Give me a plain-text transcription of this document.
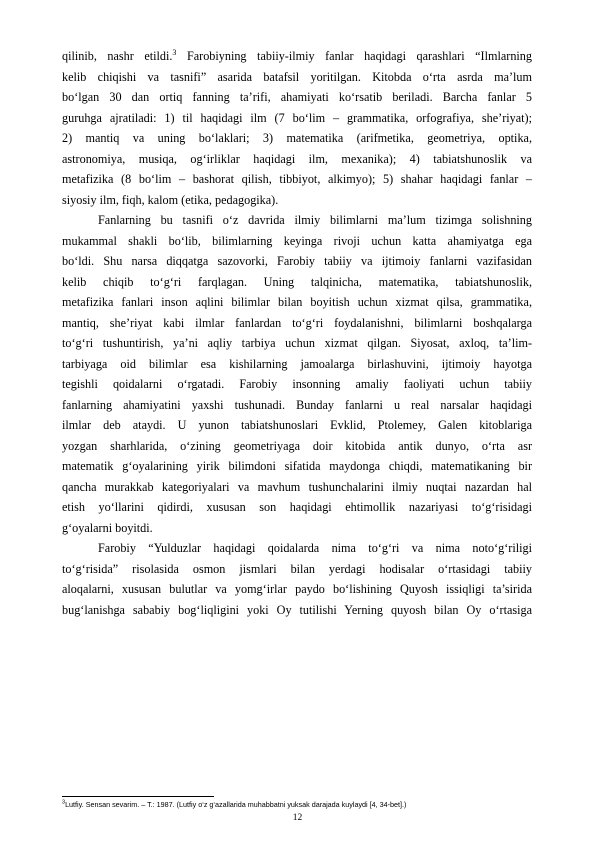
qilinib, nashr etildi.$^3$ Farobiyning tabiiy-ilmiy fanlar haqidagi qarashlari “Ilmlarning
kelib chiqishi va tasnifi” asarida batafsil yoritilgan. Kitobda o‘rta asrda ma’lum
bo‘lgan 30 dan ortiq fanning ta’rifi, ahamiyati ko‘rsatib beriladi. Barcha fanlar 5
guruhga ajratiladi: 1) til haqidagi ilm (7 bo‘lim – grammatika, orfografiya, she’riyat);
2) mantiq va uning bo‘laklari; 3) matematika (arifmetika, geometriya, optika,
astronomiya, musiqa, og‘irliklar haqidagi ilm, mexanika); 4) tabiatshunoslik va
metafizika (8 bo‘lim – bashorat qilish, tibbiyot, alkimyo); 5) shahar haqidagi fanlar –
siyosiy ilm, fiqh, kalom (etika, pedagogika).
Fanlarning bu tasnifi o‘z davrida ilmiy bilimlarni ma’lum tizimga solishning
mukammal shakli bo‘lib, bilimlarning keyinga rivoji uchun katta ahamiyatga ega
bo‘ldi. Shu narsa diqqatga sazovorki, Farobiy tabiiy va ijtimoiy fanlarni vazifasidan
kelib chiqib to‘g‘ri farqlagan. Uning talqinicha, matematika, tabiatshunoslik,
metafizika fanlari inson aqlini bilimlar bilan boyitish uchun xizmat qilsa, grammatika,
mantiq, she’riyat kabi ilmlar fanlardan to‘g‘ri foydalanishni, bilimlarni boshqalarga
to‘g‘ri tushuntirish, ya’ni aqliy tarbiya uchun xizmat qilgan. Siyosat, axloq, ta’lim-
tarbiyaga oid bilimlar esa kishilarning jamoalarga birlashuvini, ijtimoiy hayotga
tegishli qoidalarni o‘rgatadi. Farobiy insonning amaliy faoliyati uchun tabiiy
fanlarning ahamiyatini yaxshi tushunadi. Bunday fanlarni u real narsalar haqidagi
ilmlar deb ataydi. U yunon tabiatshunoslari Evklid, Ptolemey, Galen kitoblariga
yozgan sharhlarida, o‘zining geometriyaga doir kitobida antik dunyo, o‘rta asr
matematik g‘oyalarining yirik bilimdoni sifatida maydonga chiqdi, matematikaning bir
qancha murakkab kategoriyalari va mavhum tushunchalarini ilmiy nuqtai nazardan hal
etish yo‘llarini qidirdi, xususan son haqidagi ehtimollik nazariyasi to‘g‘risidagi
g‘oyalarni boyitdi.
Farobiy “Yulduzlar haqidagi qoidalarda nima to‘g‘ri va nima noto‘g‘riligi
to‘g‘risida” risolasida osmon jismlari bilan yerdagi hodisalar o‘rtasidagi tabiiy
aloqalarni, xususan bulutlar va yomg‘irlar paydo bo‘lishining Quyosh issiqligi ta’sirida
bug‘lanishga sababiy bog‘liqligini yoki Oy tutilishi Yerning quyosh bilan Oy o‘rtasiga
$^3$Lutfiy. Sensan sevarim. – T.: 1987. (Lutfiy o‘z g‘azallarida muhabbatni yuksak darajada kuylaydi [4, 34-bet].)
12
